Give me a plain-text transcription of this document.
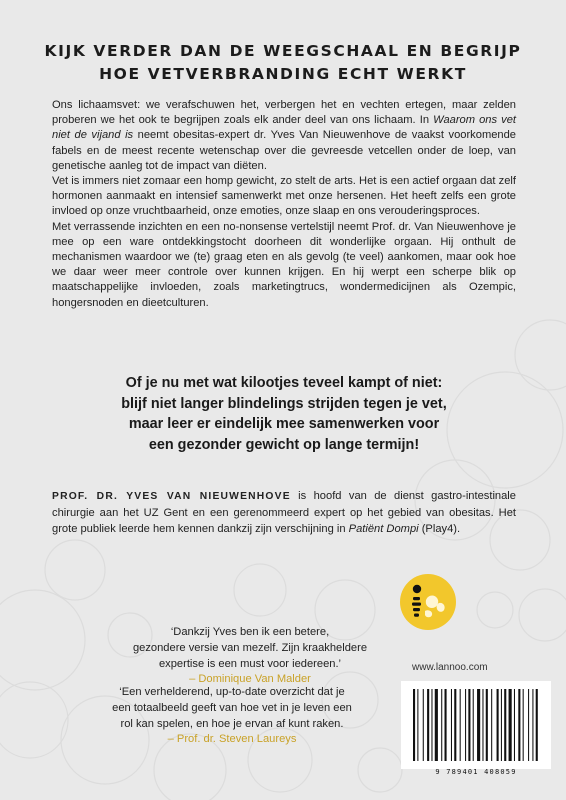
KIJK VERDER DAN DE WEEGSCHAAL EN BEGRIJP
HOE VETVERBRANDING ECHT WERKT

Ons lichaamsvet: we verafschuwen het, verbergen het en vechten ertegen, maar zelden proberen we het ook te begrijpen zoals elk ander deel van ons lichaam. In Waarom ons vet niet de vijand is neemt obesitas-expert dr. Yves Van Nieuwenhove de vaakst voorkomende fabels en de meest recente wetenschap over die gevreesde vetcellen onder de loep, van genetische aanleg tot de impact van diëten.

Vet is immers niet zomaar een homp gewicht, zo stelt de arts. Het is een actief orgaan dat zelf hormonen aanmaakt en intensief samenwerkt met onze hersenen. Het heeft zelfs een grote invloed op onze vruchtbaarheid, onze emoties, onze slaap en ons verouderingsproces.

Met verrassende inzichten en een no-nonsense vertelstijl neemt Prof. dr. Van Nieuwenhove je mee op een ware ontdekkingstocht doorheen dit wonderlijke orgaan. Hij onthult de mechanismen waardoor we (te) graag eten en als gevolg (te veel) aankomen, maar ook hoe we daar weer meer controle over kunnen krijgen. En hij werpt een scherpe blik op maatschappelijke invloeden, zoals marketingtrucs, wondermedicijnen als Ozempic, hongersnoden en dieetculturen.

Of je nu met wat kilootjes teveel kampt of niet:
blijf niet langer blindelings strijden tegen je vet,
maar leer er eindelijk mee samenwerken voor
een gezonder gewicht op lange termijn!
PROF. DR. YVES VAN NIEUWENHOVE is hoofd van de dienst gastro-intestinale chirurgie aan het UZ Gent en een gerenommeerd expert op het gebied van obesitas. Het grote publiek leerde hem kennen dankzij zijn verschijning in Patiënt Dompi (Play4).
‘Dankzij Yves ben ik een betere,
gezondere versie van mezelf. Zijn kraakheldere
expertise is een must voor iedereen.’
– Dominique Van Malder
‘Een verhelderend, up-to-date overzicht dat je
een totaalbeeld geeft van hoe vet in je leven een
rol kan spelen, en hoe je ervan af kunt raken.
– Prof. dr. Steven Laureys
www.lannoo.com
9 789401 408059
